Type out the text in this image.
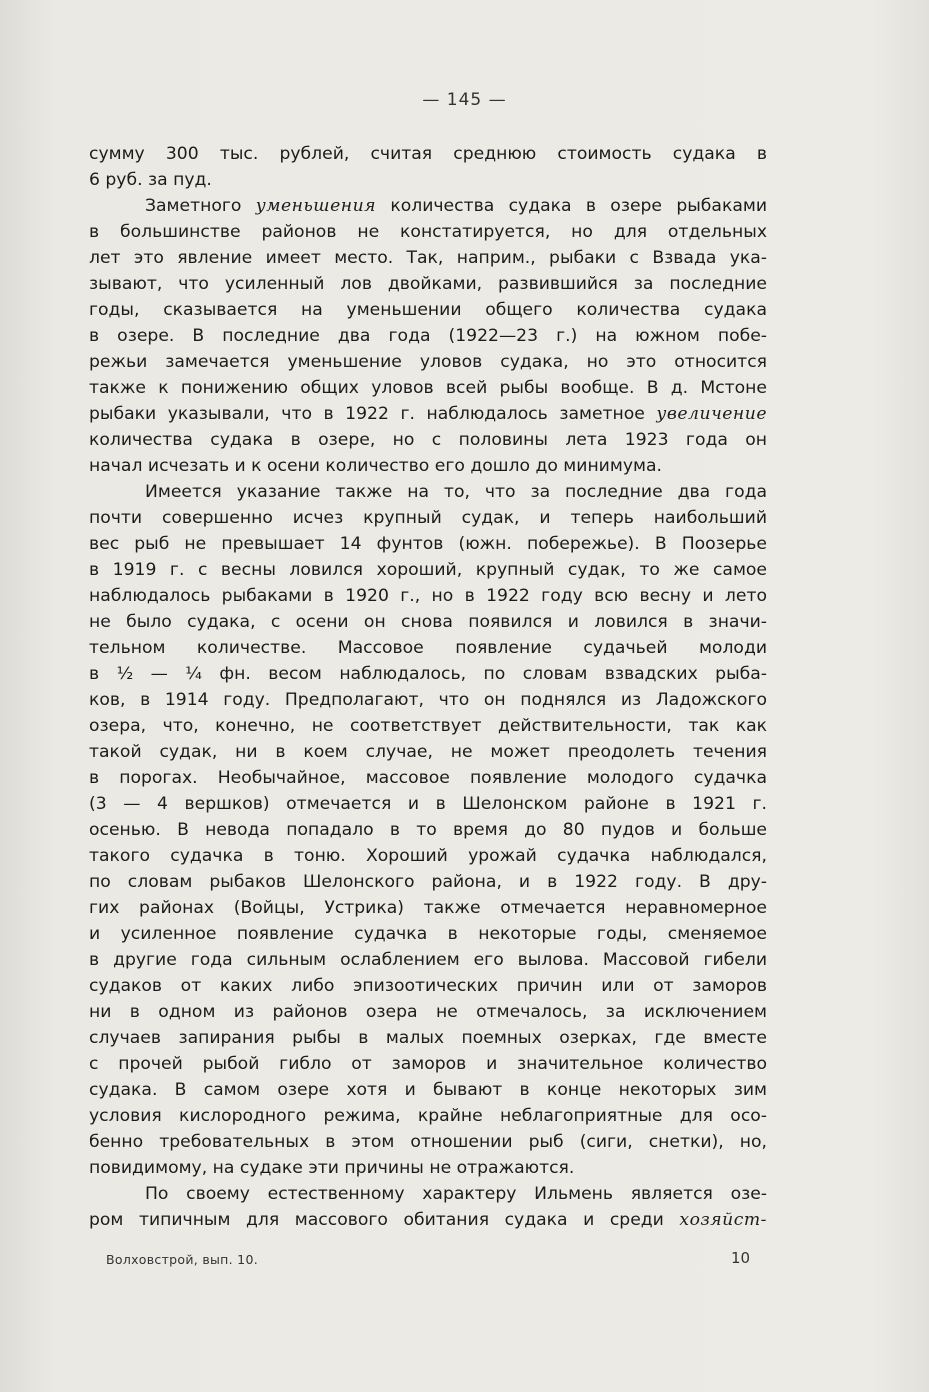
— 145 —
сумму 300 тыс. рублей, считая среднюю стоимость судака в
6 руб. за пуд.
Заметного уменьшения количества судака в озере рыбаками
в большинстве районов не констатируется, но для отдельных
лет это явление имеет место. Так, наприм., рыбаки с Взвада ука-
зывают, что усиленный лов двойками, развившийся за последние
годы, сказывается на уменьшении общего количества судака
в озере. В последние два года (1922—23 г.) на южном побе-
режьи замечается уменьшение уловов судака, но это относится
также к понижению общих уловов всей рыбы вообще. В д. Мстоне
рыбаки указывали, что в 1922 г. наблюдалось заметное увеличение
количества судака в озере, но с половины лета 1923 года он
начал исчезать и к осени количество его дошло до минимума.
Имеется указание также на то, что за последние два года
почти совершенно исчез крупный судак, и теперь наибольший
вес рыб не превышает 14 фунтов (южн. побережье). В Поозерье
в 1919 г. с весны ловился хороший, крупный судак, то же самое
наблюдалось рыбаками в 1920 г., но в 1922 году всю весну и лето
не было судака, с осени он снова появился и ловился в значи-
тельном количестве. Массовое появление судачьей молоди
в ½ — ¼ фн. весом наблюдалось, по словам взвадских рыба-
ков, в 1914 году. Предполагают, что он поднялся из Ладожского
озера, что, конечно, не соответствует действительности, так как
такой судак, ни в коем случае, не может преодолеть течения
в порогах. Необычайное, массовое появление молодого судачка
(3 — 4 вершков) отмечается и в Шелонском районе в 1921 г.
осенью. В невода попадало в то время до 80 пудов и больше
такого судачка в тоню. Хороший урожай судачка наблюдался,
по словам рыбаков Шелонского района, и в 1922 году. В дру-
гих районах (Войцы, Устрика) также отмечается неравномерное
и усиленное появление судачка в некоторые годы, сменяемое
в другие года сильным ослаблением его вылова. Массовой гибели
судаков от каких либо эпизоотических причин или от заморов
ни в одном из районов озера не отмечалось, за исключением
случаев запирания рыбы в малых поемных озерках, где вместе
с прочей рыбой гибло от заморов и значительное количество
судака. В самом озере хотя и бывают в конце некоторых зим
условия кислородного режима, крайне неблагоприятные для осо-
бенно требовательных в этом отношении рыб (сиги, снетки), но,
повидимому, на судаке эти причины не отражаются.
По своему естественному характеру Ильмень является озе-
ром типичным для массового обитания судака и среди хозяйст-
Волховстрой, вып. 10.	10
